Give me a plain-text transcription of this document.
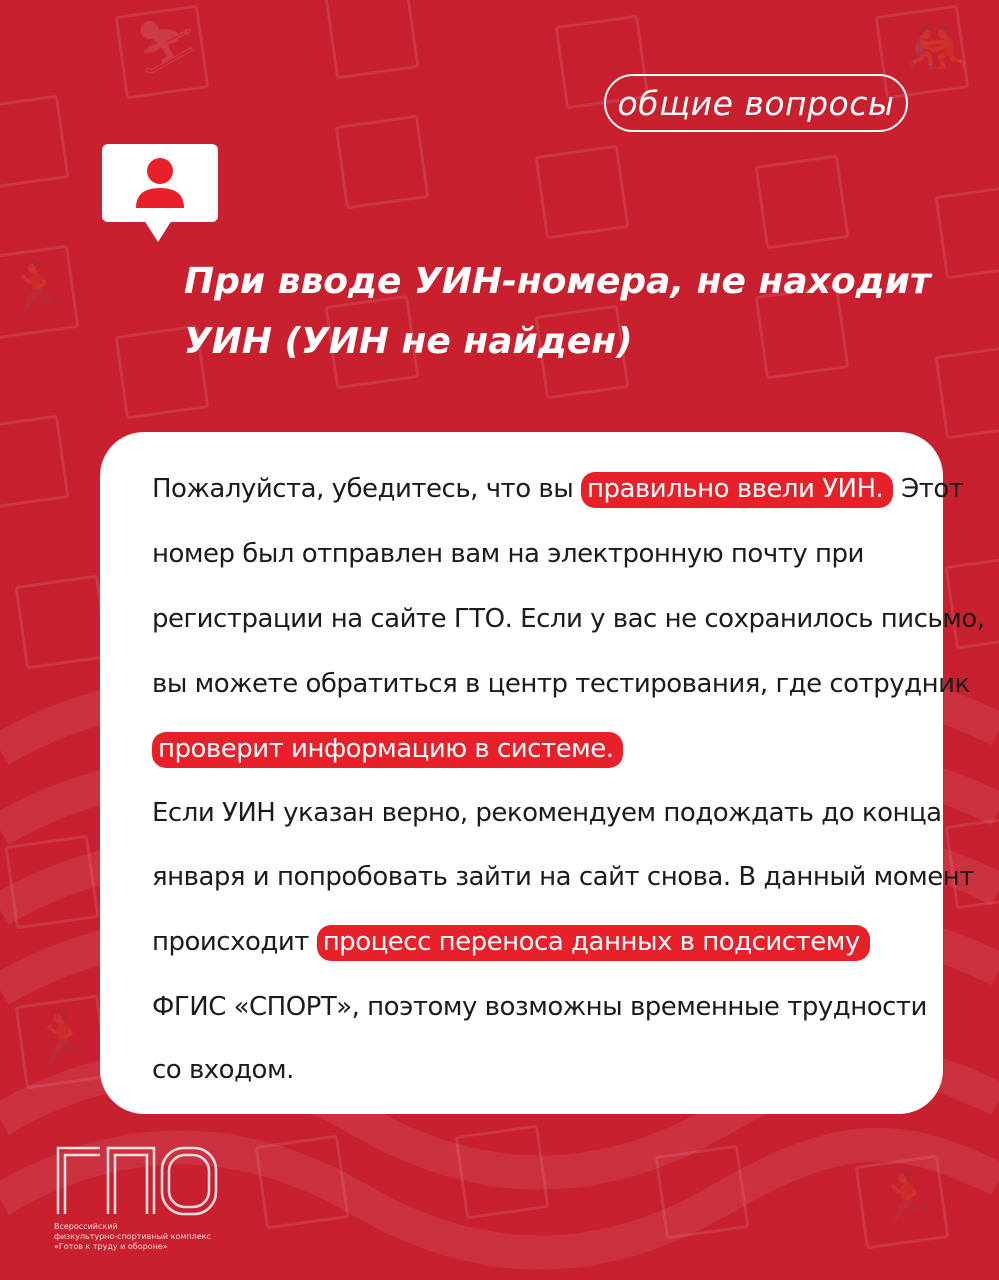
⛷	🤼
🏃
🏃
🏃
общие вопросы
При вводе УИН-номера, не находит УИН (УИН не найден)
Пожалуйста, убедитесь, что вы правильно ввели УИН. Этот
номер был отправлен вам на электронную почту при
регистрации на сайте ГТО. Если у вас не сохранилось письмо,
вы можете обратиться в центр тестирования, где сотрудник
проверит информацию в системе.
Если УИН указан верно, рекомендуем подождать до конца
января и попробовать зайти на сайт снова. В данный момент
происходит процесс переноса данных в подсистему
ФГИС «СПОРТ», поэтому возможны временные трудности
со входом.
Всероссийский
физкультурно-спортивный комплекс
«Готов к труду и обороне»
